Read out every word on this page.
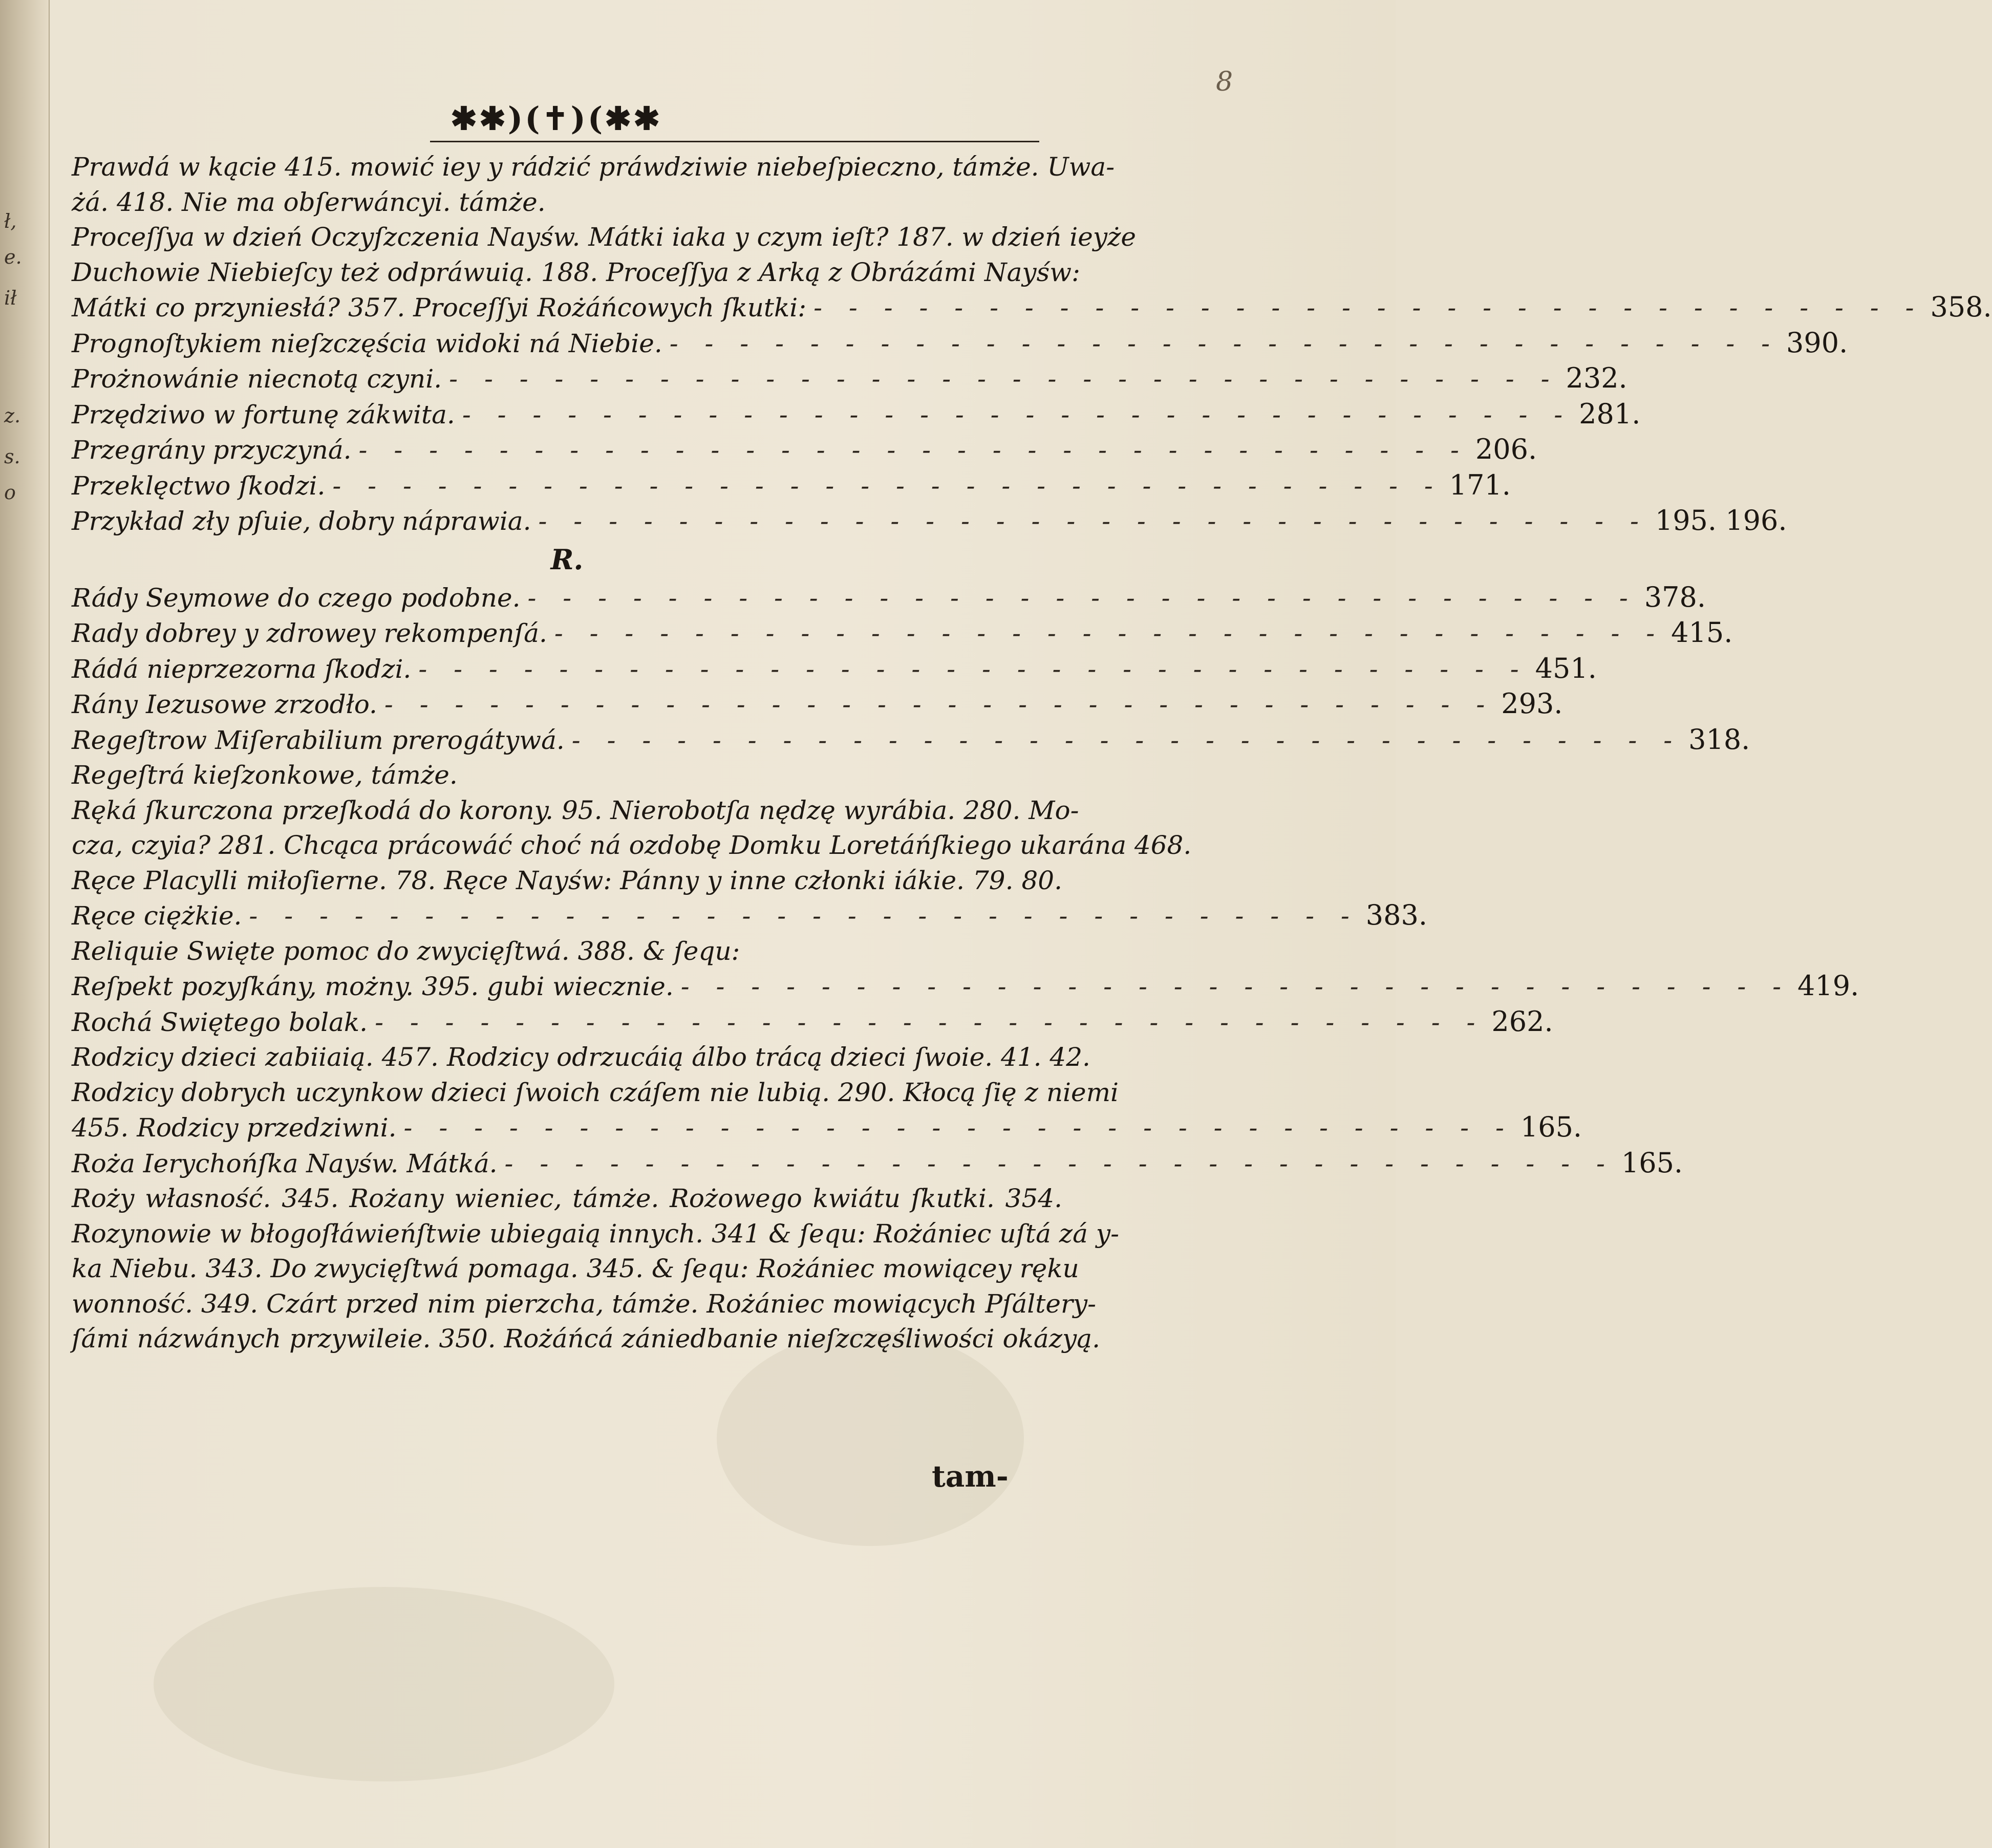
ł,
e.
ił
z.
s.
o
8
✱✱)(✝)(✱✱
Prawdá w kącie 415. mowić iey y rádzić práwdziwie niebeſpieczno, támże. Uwa-
żá. 418. Nie ma obſerwáncyi. támże.
Proceſſya w dzień Oczyſzczenia Nayśw. Mátki iaka y czym ieſt? 187. w dzień ieyże
Duchowie Niebieſcy też odpráwuią. 188. Proceſſya z Arką z Obrázámi Nayśw:
Mátki co przyniesłá? 357. Proceſſyi Rożáńcowych ſkutki: - - - - - - - - - - - - - - - - - - - - - - - - - - - - - - - - 358.
Prognoſtykiem nieſzczęścia widoki ná Niebie. - - - - - - - - - - - - - - - - - - - - - - - - - - - - - - - - 390.
Prożnowánie niecnotą czyni. - - - - - - - - - - - - - - - - - - - - - - - - - - - - - - - - 232.
Przędziwo w fortunę zákwita. - - - - - - - - - - - - - - - - - - - - - - - - - - - - - - - - 281.
Przegrány przyczyná. - - - - - - - - - - - - - - - - - - - - - - - - - - - - - - - - 206.
Przeklęctwo ſkodzi. - - - - - - - - - - - - - - - - - - - - - - - - - - - - - - - - 171.
Przykład zły pſuie, dobry náprawia. - - - - - - - - - - - - - - - - - - - - - - - - - - - - - - - - 195. 196.
R.
Rády Seymowe do czego podobne. - - - - - - - - - - - - - - - - - - - - - - - - - - - - - - - - 378.
Rady dobrey y zdrowey rekompenſá. - - - - - - - - - - - - - - - - - - - - - - - - - - - - - - - - 415.
Rádá nieprzezorna ſkodzi. - - - - - - - - - - - - - - - - - - - - - - - - - - - - - - - - 451.
Rány Iezusowe zrzodło. - - - - - - - - - - - - - - - - - - - - - - - - - - - - - - - - 293.
Regeſtrow Miſerabilium prerogátywá. - - - - - - - - - - - - - - - - - - - - - - - - - - - - - - - - 318.
Regeſtrá kieſzonkowe, támże.
Ręká ſkurczona przeſkodá do korony. 95. Nierobotſa nędzę wyrábia. 280. Mo-
cza, czyia? 281. Chcąca prácowáć choć ná ozdobę Domku Loretáńſkiego ukarána 468.
Ręce Placylli miłoſierne. 78. Ręce Nayśw: Pánny y inne członki iákie. 79. 80.
Ręce ciężkie. - - - - - - - - - - - - - - - - - - - - - - - - - - - - - - - - 383.
Reliquie Swięte pomoc do zwycięſtwá. 388. & ſequ:
Reſpekt pozyſkány, możny. 395. gubi wiecznie. - - - - - - - - - - - - - - - - - - - - - - - - - - - - - - - - 419.
Rochá Swiętego bolak. - - - - - - - - - - - - - - - - - - - - - - - - - - - - - - - - 262.
Rodzicy dzieci zabiiaią. 457. Rodzicy odrzucáią álbo trácą dzieci ſwoie. 41. 42.
Rodzicy dobrych uczynkow dzieci ſwoich czáſem nie lubią. 290. Kłocą ſię z niemi
455. Rodzicy przedziwni. - - - - - - - - - - - - - - - - - - - - - - - - - - - - - - - - 165.
Roża Ierychońſka Nayśw. Mátká. - - - - - - - - - - - - - - - - - - - - - - - - - - - - - - - - 165.
Roży własność. 345. Rożany wieniec, támże. Rożowego kwiátu ſkutki. 354.
Rozynowie w błogoſłáwieńſtwie ubiegaią innych. 341 & ſequ: Rożániec uſtá zá y-
ka Niebu. 343. Do zwycięſtwá pomaga. 345. & ſequ: Rożániec mowiącey ręku
wonność. 349. Czárt przed nim pierzcha, támże. Rożániec mowiących Pſáltery-
ſámi názwánych przywileie. 350. Rożáńcá zániedbanie nieſzczęśliwości okázyą.
tam-
